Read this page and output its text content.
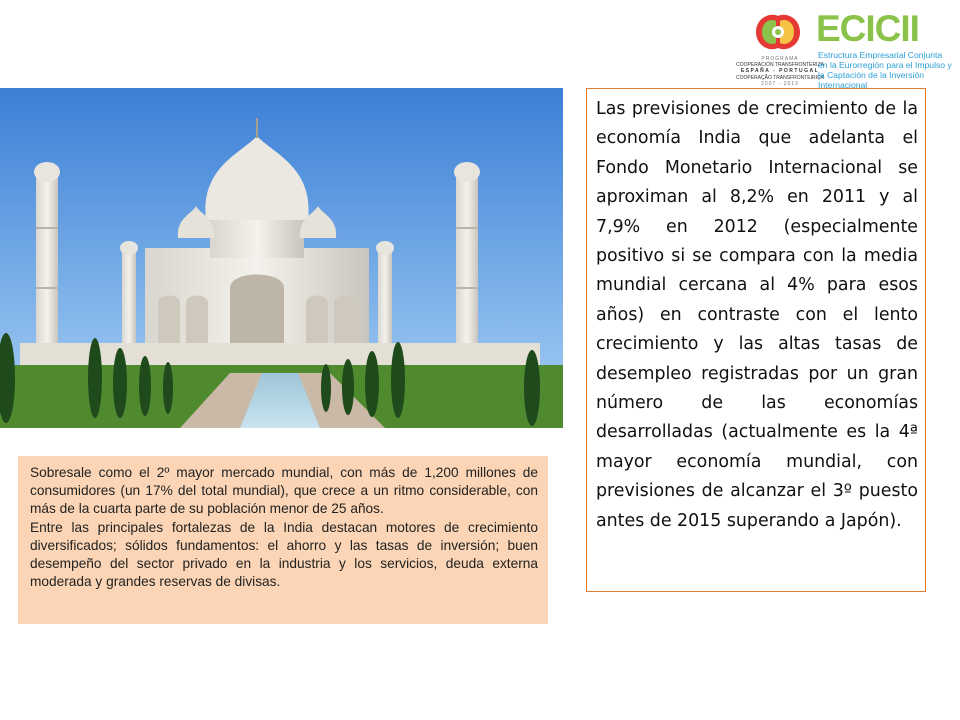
PROGRAMA
COOPERACIÓN TRANSFRONTERIZA
ESPAÑA - PORTUGAL
COOPERAÇÃO TRANSFRONTEIRIÇA
2007 - 2013
ECICII
Estructura Empresarial Conjunta en la Eurorregión para el Impulso y la Captación de la Inversión Internacional
Las previsiones de crecimiento de la economía India que adelanta el Fondo Monetario Internacional se aproximan al 8,2% en 2011 y al 7,9% en 2012 (especialmente positivo si se compara con la media mundial cercana al 4% para esos años) en contraste con el lento crecimiento y las altas tasas de desempleo registradas por un gran número de las economías desarrolladas (actualmente es la 4ª mayor economía mundial, con previsiones de alcanzar el 3º puesto antes de 2015 superando a Japón).

Sobresale como el 2º mayor mercado mundial, con más de 1,200 millones de consumidores (un 17% del total mundial), que crece a un ritmo considerable, con más de la cuarta parte de su población menor de 25 años.

Entre las principales fortalezas de la India destacan motores de crecimiento diversificados; sólidos fundamentos: el ahorro y las tasas de inversión; buen desempeño del sector privado en la industria y los servicios, deuda externa moderada y grandes reservas de divisas.
